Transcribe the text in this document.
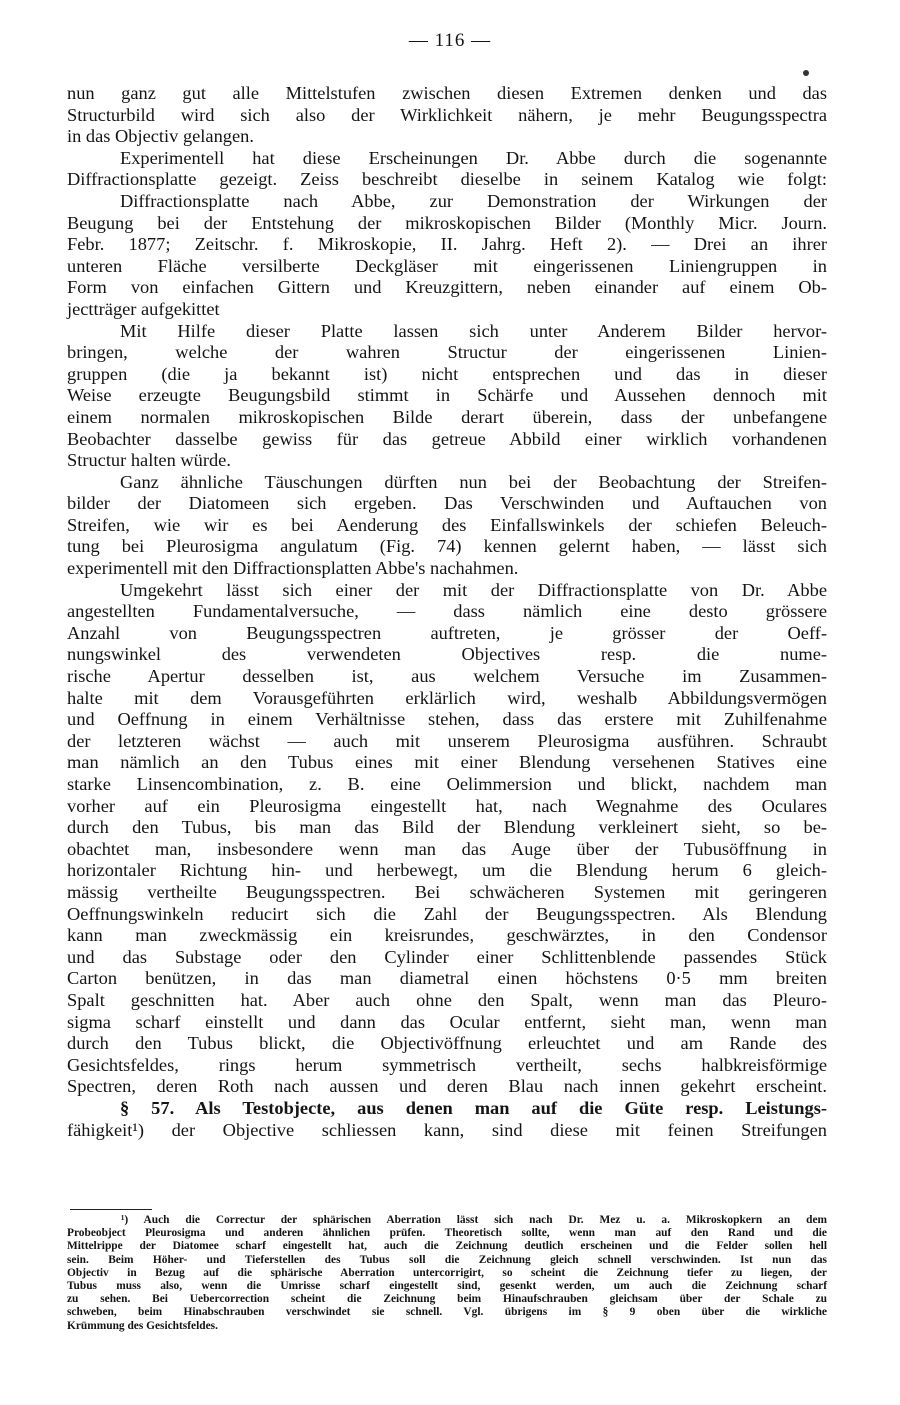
— 116 —
nun ganz gut alle Mittelstufen zwischen diesen Extremen denken und das
Structurbild wird sich also der Wirklichkeit nähern, je mehr Beugungsspectra
in das Objectiv gelangen.
Experimentell hat diese Erscheinungen Dr. Abbe durch die sogenannte
Diffractionsplatte gezeigt. Zeiss beschreibt dieselbe in seinem Katalog wie folgt:
Diffractionsplatte nach Abbe, zur Demonstration der Wirkungen der
Beugung bei der Entstehung der mikroskopischen Bilder (Monthly Micr. Journ.
Febr. 1877; Zeitschr. f. Mikroskopie, II. Jahrg. Heft 2). — Drei an ihrer
unteren Fläche versilberte Deckgläser mit eingerissenen Liniengruppen in
Form von einfachen Gittern und Kreuzgittern, neben einander auf einem Ob-
jectträger aufgekittet
Mit Hilfe dieser Platte lassen sich unter Anderem Bilder hervor-
bringen, welche der wahren Structur der eingerissenen Linien-
gruppen (die ja bekannt ist) nicht entsprechen und das in dieser
Weise erzeugte Beugungsbild stimmt in Schärfe und Aussehen dennoch mit
einem normalen mikroskopischen Bilde derart überein, dass der unbefangene
Beobachter dasselbe gewiss für das getreue Abbild einer wirklich vorhandenen
Structur halten würde.
Ganz ähnliche Täuschungen dürften nun bei der Beobachtung der Streifen-
bilder der Diatomeen sich ergeben. Das Verschwinden und Auftauchen von
Streifen, wie wir es bei Aenderung des Einfallswinkels der schiefen Beleuch-
tung bei Pleurosigma angulatum (Fig. 74) kennen gelernt haben, — lässt sich
experimentell mit den Diffractionsplatten Abbe's nachahmen.
Umgekehrt lässt sich einer der mit der Diffractionsplatte von Dr. Abbe
angestellten Fundamentalversuche, — dass nämlich eine desto grössere
Anzahl von Beugungsspectren auftreten, je grösser der Oeff-
nungswinkel des verwendeten Objectives resp. die nume-
rische Apertur desselben ist, aus welchem Versuche im Zusammen-
halte mit dem Vorausgeführten erklärlich wird, weshalb Abbildungsvermögen
und Oeffnung in einem Verhältnisse stehen, dass das erstere mit Zuhilfenahme
der letzteren wächst — auch mit unserem Pleurosigma ausführen. Schraubt
man nämlich an den Tubus eines mit einer Blendung versehenen Statives eine
starke Linsencombination, z. B. eine Oelimmersion und blickt, nachdem man
vorher auf ein Pleurosigma eingestellt hat, nach Wegnahme des Oculares
durch den Tubus, bis man das Bild der Blendung verkleinert sieht, so be-
obachtet man, insbesondere wenn man das Auge über der Tubusöffnung in
horizontaler Richtung hin- und herbewegt, um die Blendung herum 6 gleich-
mässig vertheilte Beugungsspectren. Bei schwächeren Systemen mit geringeren
Oeffnungswinkeln reducirt sich die Zahl der Beugungsspectren. Als Blendung
kann man zweckmässig ein kreisrundes, geschwärztes, in den Condensor
und das Substage oder den Cylinder einer Schlittenblende passendes Stück
Carton benützen, in das man diametral einen höchstens 0·5 mm breiten
Spalt geschnitten hat. Aber auch ohne den Spalt, wenn man das Pleuro-
sigma scharf einstellt und dann das Ocular entfernt, sieht man, wenn man
durch den Tubus blickt, die Objectivöffnung erleuchtet und am Rande des
Gesichtsfeldes, rings herum symmetrisch vertheilt, sechs halbkreisförmige
Spectren, deren Roth nach aussen und deren Blau nach innen gekehrt erscheint.
§ 57. Als Testobjecte, aus denen man auf die Güte resp. Leistungs-
fähigkeit¹) der Objective schliessen kann, sind diese mit feinen Streifungen
¹) Auch die Correctur der sphärischen Aberration lässt sich nach Dr. Mez u. a. Mikroskopkern an dem
Probeobject Pleurosigma und anderen ähnlichen prüfen. Theoretisch sollte, wenn man auf den Rand und die
Mittelrippe der Diatomee scharf eingestellt hat, auch die Zeichnung deutlich erscheinen und die Felder sollen hell
sein. Beim Höher- und Tieferstellen des Tubus soll die Zeichnung gleich schnell verschwinden. Ist nun das
Objectiv in Bezug auf die sphärische Aberration untercorrigirt, so scheint die Zeichnung tiefer zu liegen, der
Tubus muss also, wenn die Umrisse scharf eingestellt sind, gesenkt werden, um auch die Zeichnung scharf
zu sehen. Bei Uebercorrection scheint die Zeichnung beim Hinaufschrauben gleichsam über der Schale zu
schweben, beim Hinabschrauben verschwindet sie schnell. Vgl. übrigens im § 9 oben über die wirkliche
Krümmung des Gesichtsfeldes.
